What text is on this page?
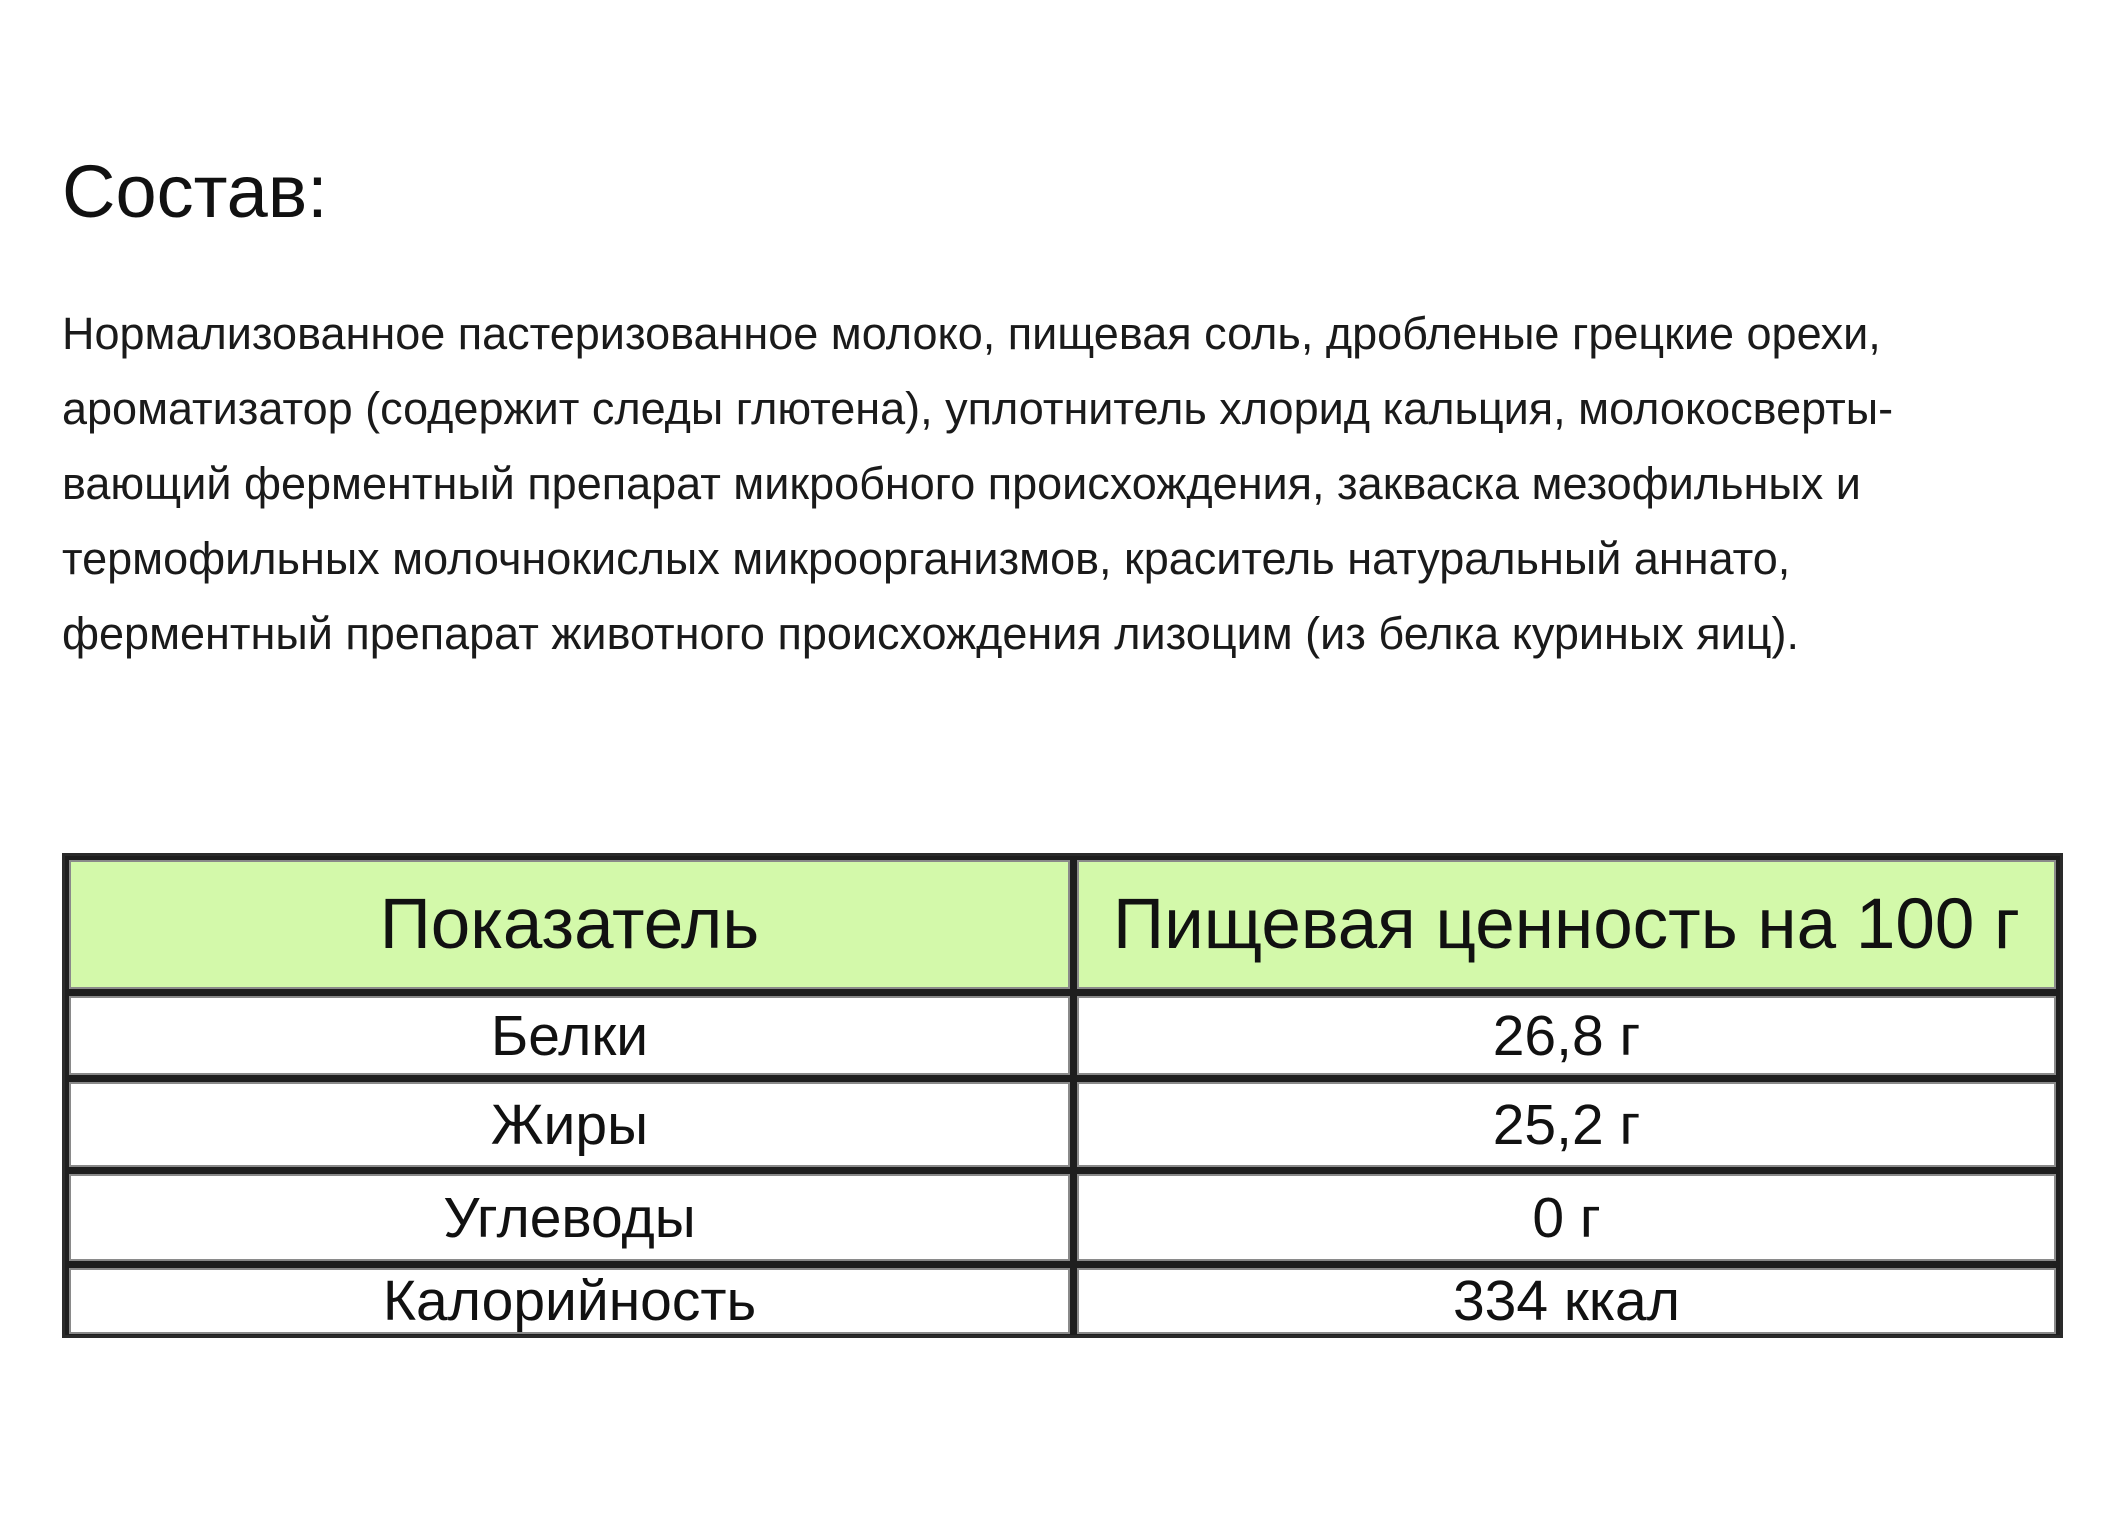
Состав:
Нормализованное пастеризованное молоко, пищевая соль, дробленые грецкие орехи,
ароматизатор (содержит следы глютена), уплотнитель хлорид кальция, молокосверты-
вающий ферментный препарат микробного происхождения, закваска мезофильных и
термофильных молочнокислых микроорганизмов, краситель натуральный аннато,
ферментный препарат животного происхождения лизоцим (из белка куриных яиц).
Показатель	Пищевая ценность на 100 г
Белки	26,8 г
Жиры	25,2 г
Углеводы	0 г
Калорийность	334 ккал
